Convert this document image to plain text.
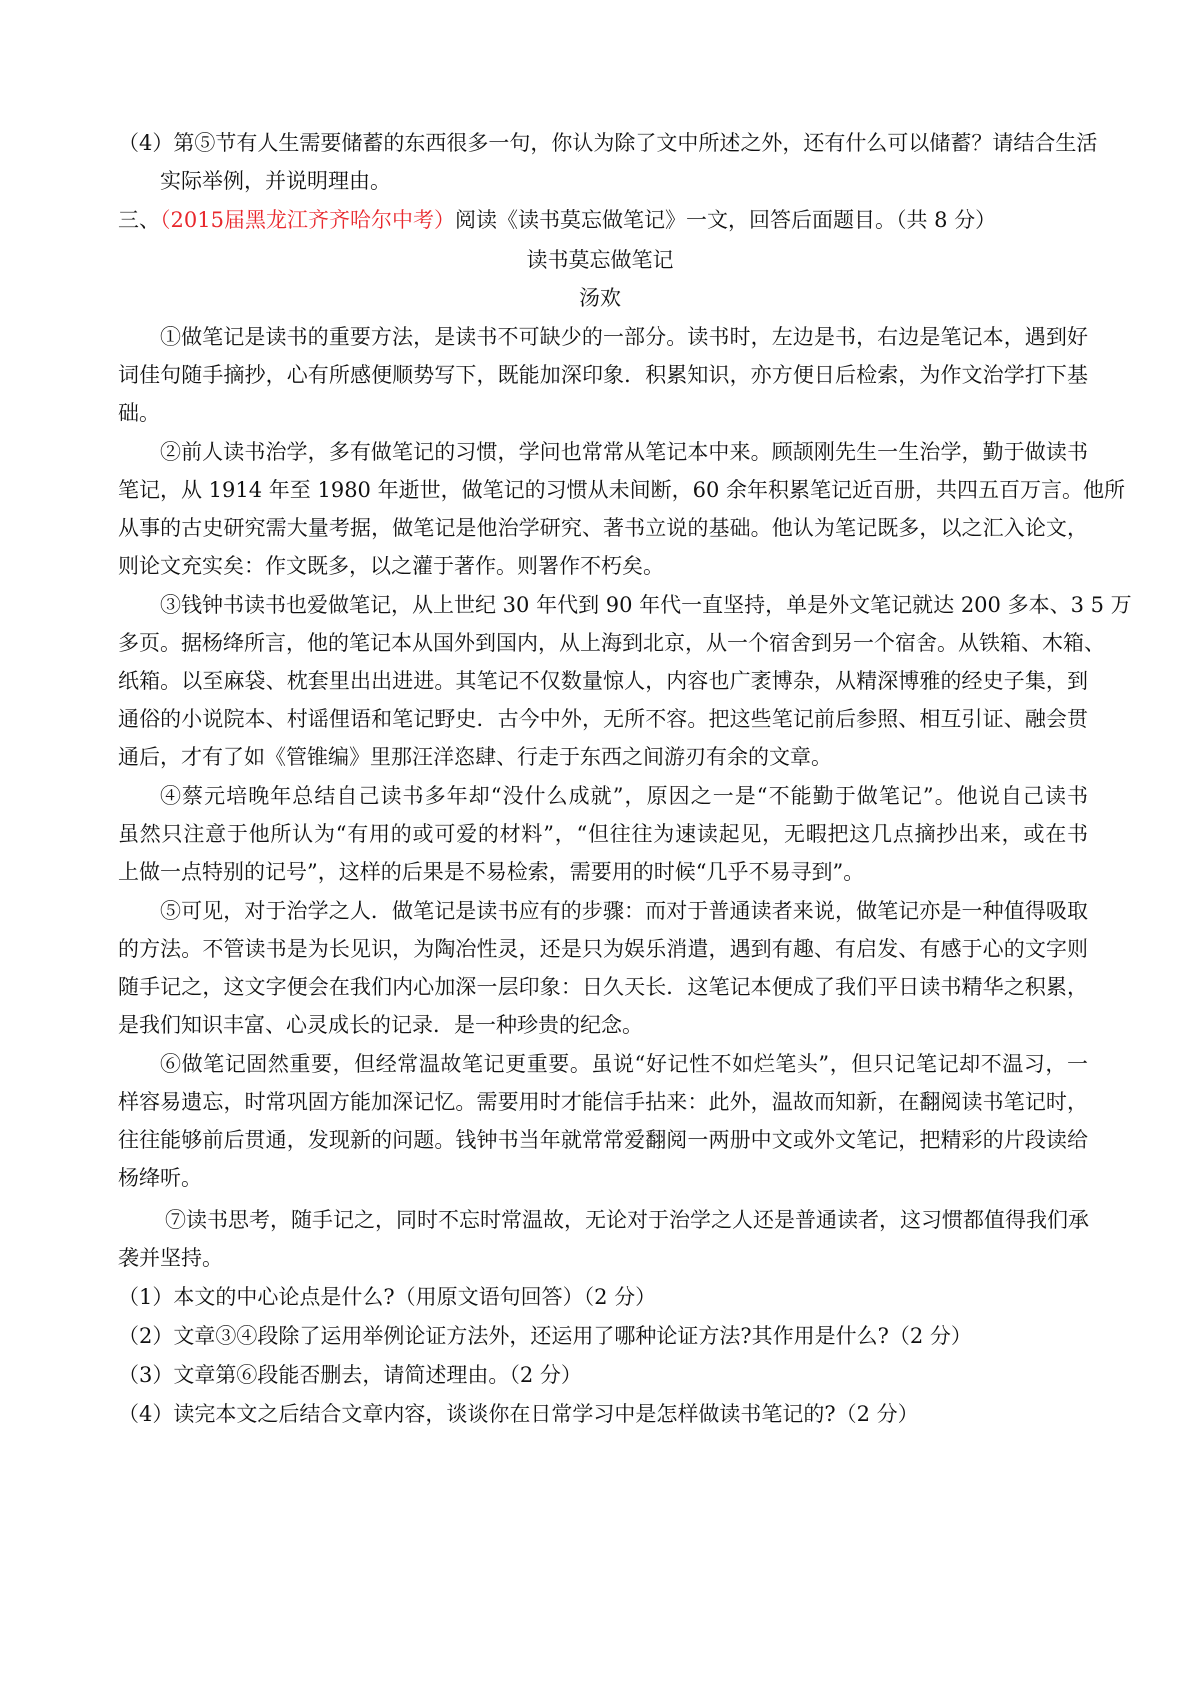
（4）第⑤节有人生需要储蓄的东西很多一句，你认为除了文中所述之外，还有什么可以储蓄？请结合生活
实际举例，并说明理由。
三、（2015届黑龙江齐齐哈尔中考）阅读《读书莫忘做笔记》一文，回答后面题目。（共 8 分）
读书莫忘做笔记
汤欢
①做笔记是读书的重要方法，是读书不可缺少的一部分。读书时，左边是书，右边是笔记本，遇到好
词佳句随手摘抄，心有所感便顺势写下，既能加深印象．积累知识，亦方便日后检索，为作文治学打下基
础。
②前人读书治学，多有做笔记的习惯，学问也常常从笔记本中来。顾颉刚先生一生治学，勤于做读书
笔记，从 1914 年至 1980 年逝世，做笔记的习惯从未间断，60 余年积累笔记近百册，共四五百万言。他所
从事的古史研究需大量考据，做笔记是他治学研究、著书立说的基础。他认为笔记既多，以之汇入论文，
则论文充实矣：作文既多，以之灌于著作。则署作不朽矣。
③钱钟书读书也爱做笔记，从上世纪 30 年代到 90 年代一直坚持，单是外文笔记就达 200 多本、3 5 万
多页。据杨绛所言，他的笔记本从国外到国内，从上海到北京，从一个宿舍到另一个宿舍。从铁箱、木箱、
纸箱。以至麻袋、枕套里出出进进。其笔记不仅数量惊人，内容也广袤博杂，从精深博雅的经史子集，到
通俗的小说院本、村谣俚语和笔记野史．古今中外，无所不容。把这些笔记前后参照、相互引证、融会贯
通后，才有了如《管锥编》里那汪洋恣肆、行走于东西之间游刃有余的文章。
④蔡元培晚年总结自己读书多年却“没什么成就”，原因之一是“不能勤于做笔记”。他说自己读书
虽然只注意于他所认为“有用的或可爱的材料”，“但往往为速读起见，无暇把这几点摘抄出来，或在书
上做一点特别的记号”，这样的后果是不易检索，需要用的时候“几乎不易寻到”。
⑤可见，对于治学之人．做笔记是读书应有的步骤：而对于普通读者来说，做笔记亦是一种值得吸取
的方法。不管读书是为长见识，为陶冶性灵，还是只为娱乐消遣，遇到有趣、有启发、有感于心的文字则
随手记之，这文字便会在我们内心加深一层印象：日久天长．这笔记本便成了我们平日读书精华之积累，
是我们知识丰富、心灵成长的记录．是一种珍贵的纪念。
⑥做笔记固然重要，但经常温故笔记更重要。虽说“好记性不如烂笔头”，但只记笔记却不温习，一
样容易遗忘，时常巩固方能加深记忆。需要用时才能信手拈来：此外，温故而知新，在翻阅读书笔记时，
往往能够前后贯通，发现新的问题。钱钟书当年就常常爱翻阅一两册中文或外文笔记，把精彩的片段读给
杨绛听。
⑦读书思考，随手记之，同时不忘时常温故，无论对于治学之人还是普通读者，这习惯都值得我们承
袭并坚持。
（1）本文的中心论点是什么?（用原文语句回答）（2 分）
（2）文章③④段除了运用举例论证方法外，还运用了哪种论证方法?其作用是什么?（2 分）
（3）文章第⑥段能否删去，请简述理由。（2 分）
（4）读完本文之后结合文章内容，谈谈你在日常学习中是怎样做读书笔记的?（2 分）
